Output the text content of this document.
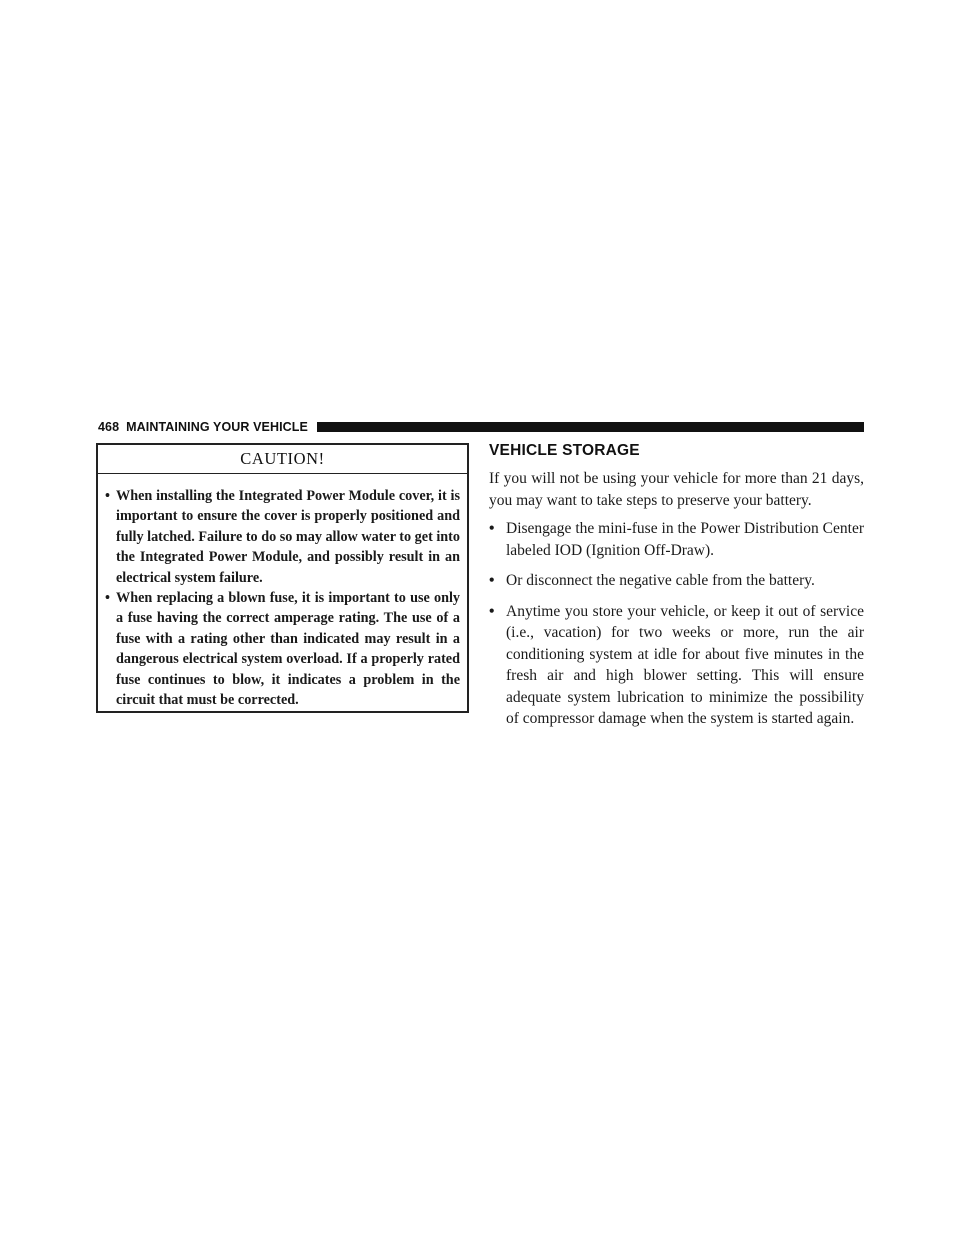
468 MAINTAINING YOUR VEHICLE
CAUTION!
• When installing the Integrated Power Module cover, it is important to ensure the cover is properly positioned and fully latched. Failure to do so may allow water to get into the Integrated Power Module, and possibly result in an electrical system failure.
• When replacing a blown fuse, it is important to use only a fuse having the correct amperage rating. The use of a fuse with a rating other than indicated may result in a dangerous electrical system overload. If a properly rated fuse continues to blow, it indicates a problem in the circuit that must be corrected.
VEHICLE STORAGE

If you will not be using your vehicle for more than 21 days, you may want to take steps to preserve your battery.

• Disengage the mini-fuse in the Power Distribution Center labeled IOD (Ignition Off-Draw).
• Or disconnect the negative cable from the battery.
• Anytime you store your vehicle, or keep it out of service (i.e., vacation) for two weeks or more, run the air conditioning system at idle for about five minutes in the fresh air and high blower setting. This will ensure adequate system lubrication to minimize the possibility of compressor damage when the system is started again.
